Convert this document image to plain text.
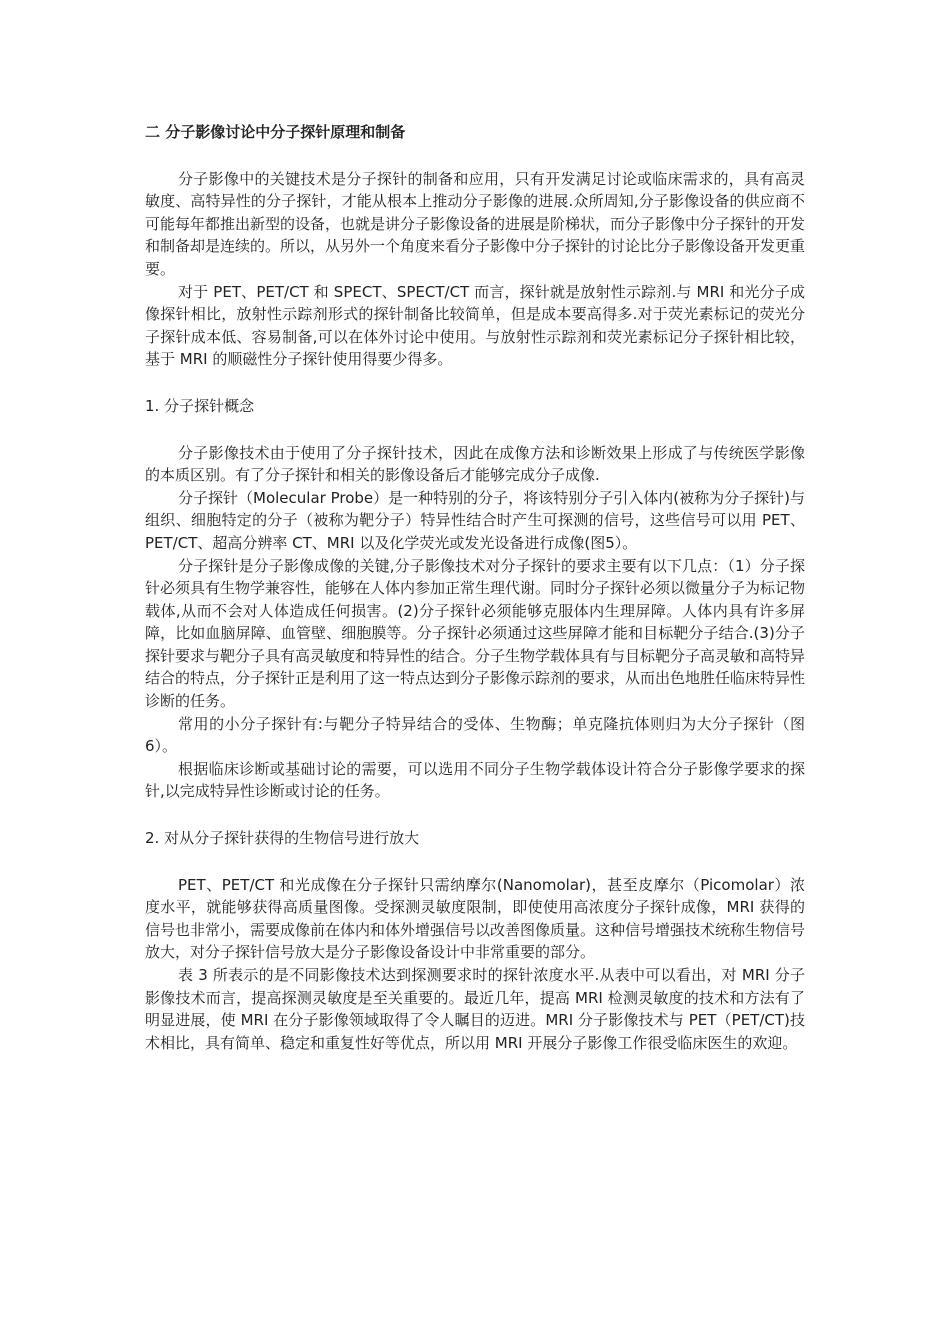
二 分子影像讨论中分子探针原理和制备

分子影像中的关键技术是分子探针的制备和应用，只有开发满足讨论或临床需求的，具有高灵敏度、高特异性的分子探针，才能从根本上推动分子影像的进展.众所周知,分子影像设备的供应商不可能每年都推出新型的设备，也就是讲分子影像设备的进展是阶梯状，而分子影像中分子探针的开发和制备却是连续的。所以，从另外一个角度来看分子影像中分子探针的讨论比分子影像设备开发更重要。

对于 PET、PET/CT 和 SPECT、SPECT/CT 而言，探针就是放射性示踪剂.与 MRI 和光分子成像探针相比，放射性示踪剂形式的探针制备比较简单，但是成本要高得多.对于荧光素标记的荧光分子探针成本低、容易制备,可以在体外讨论中使用。与放射性示踪剂和荧光素标记分子探针相比较，基于 MRI 的顺磁性分子探针使用得要少得多。

1. 分子探针概念

分子影像技术由于使用了分子探针技术，因此在成像方法和诊断效果上形成了与传统医学影像的本质区别。有了分子探针和相关的影像设备后才能够完成分子成像.

分子探针（Molecular Probe）是一种特别的分子，将该特别分子引入体内(被称为分子探针)与组织、细胞特定的分子（被称为靶分子）特异性结合时产生可探测的信号，这些信号可以用 PET、PET/CT、超高分辨率 CT、MRI 以及化学荧光或发光设备进行成像(图5）。

分子探针是分子影像成像的关键,分子影像技术对分子探针的要求主要有以下几点：（1）分子探针必须具有生物学兼容性，能够在人体内参加正常生理代谢。同时分子探针必须以微量分子为标记物载体,从而不会对人体造成任何损害。(2)分子探针必须能够克服体内生理屏障。人体内具有许多屏障，比如血脑屏障、血管壁、细胞膜等。分子探针必须通过这些屏障才能和目标靶分子结合.(3)分子探针要求与靶分子具有高灵敏度和特异性的结合。分子生物学载体具有与目标靶分子高灵敏和高特异结合的特点，分子探针正是利用了这一特点达到分子影像示踪剂的要求，从而出色地胜任临床特异性诊断的任务。

常用的小分子探针有:与靶分子特异结合的受体、生物酶；单克隆抗体则归为大分子探针（图6）。

根据临床诊断或基础讨论的需要，可以选用不同分子生物学载体设计符合分子影像学要求的探针,以完成特异性诊断或讨论的任务。

2. 对从分子探针获得的生物信号进行放大

PET、PET/CT 和光成像在分子探针只需纳摩尔(Nanomolar)，甚至皮摩尔（Picomolar）浓度水平，就能够获得高质量图像。受探测灵敏度限制，即使使用高浓度分子探针成像，MRI 获得的信号也非常小，需要成像前在体内和体外增强信号以改善图像质量。这种信号增强技术统称生物信号放大，对分子探针信号放大是分子影像设备设计中非常重要的部分。

表 3 所表示的是不同影像技术达到探测要求时的探针浓度水平.从表中可以看出，对 MRI 分子影像技术而言，提高探测灵敏度是至关重要的。最近几年，提高 MRI 检测灵敏度的技术和方法有了明显进展，使 MRI 在分子影像领域取得了令人瞩目的迈进。MRI 分子影像技术与 PET（PET/CT)技术相比，具有简单、稳定和重复性好等优点，所以用 MRI 开展分子影像工作很受临床医生的欢迎。
